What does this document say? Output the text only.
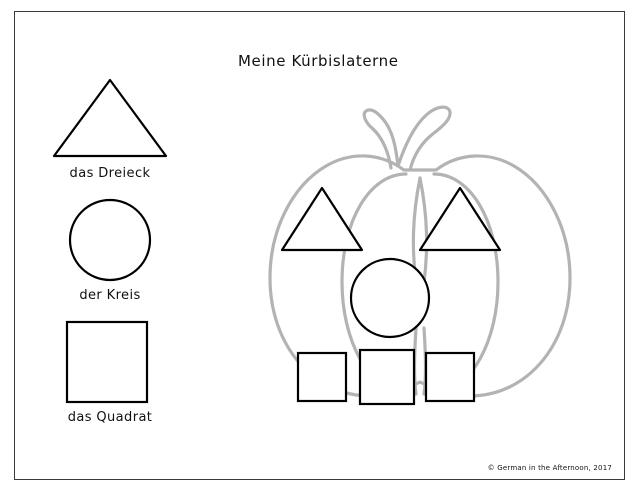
Meine Kürbislaterne
das Dreieck
der Kreis
das Quadrat
© German in the Afternoon, 2017
